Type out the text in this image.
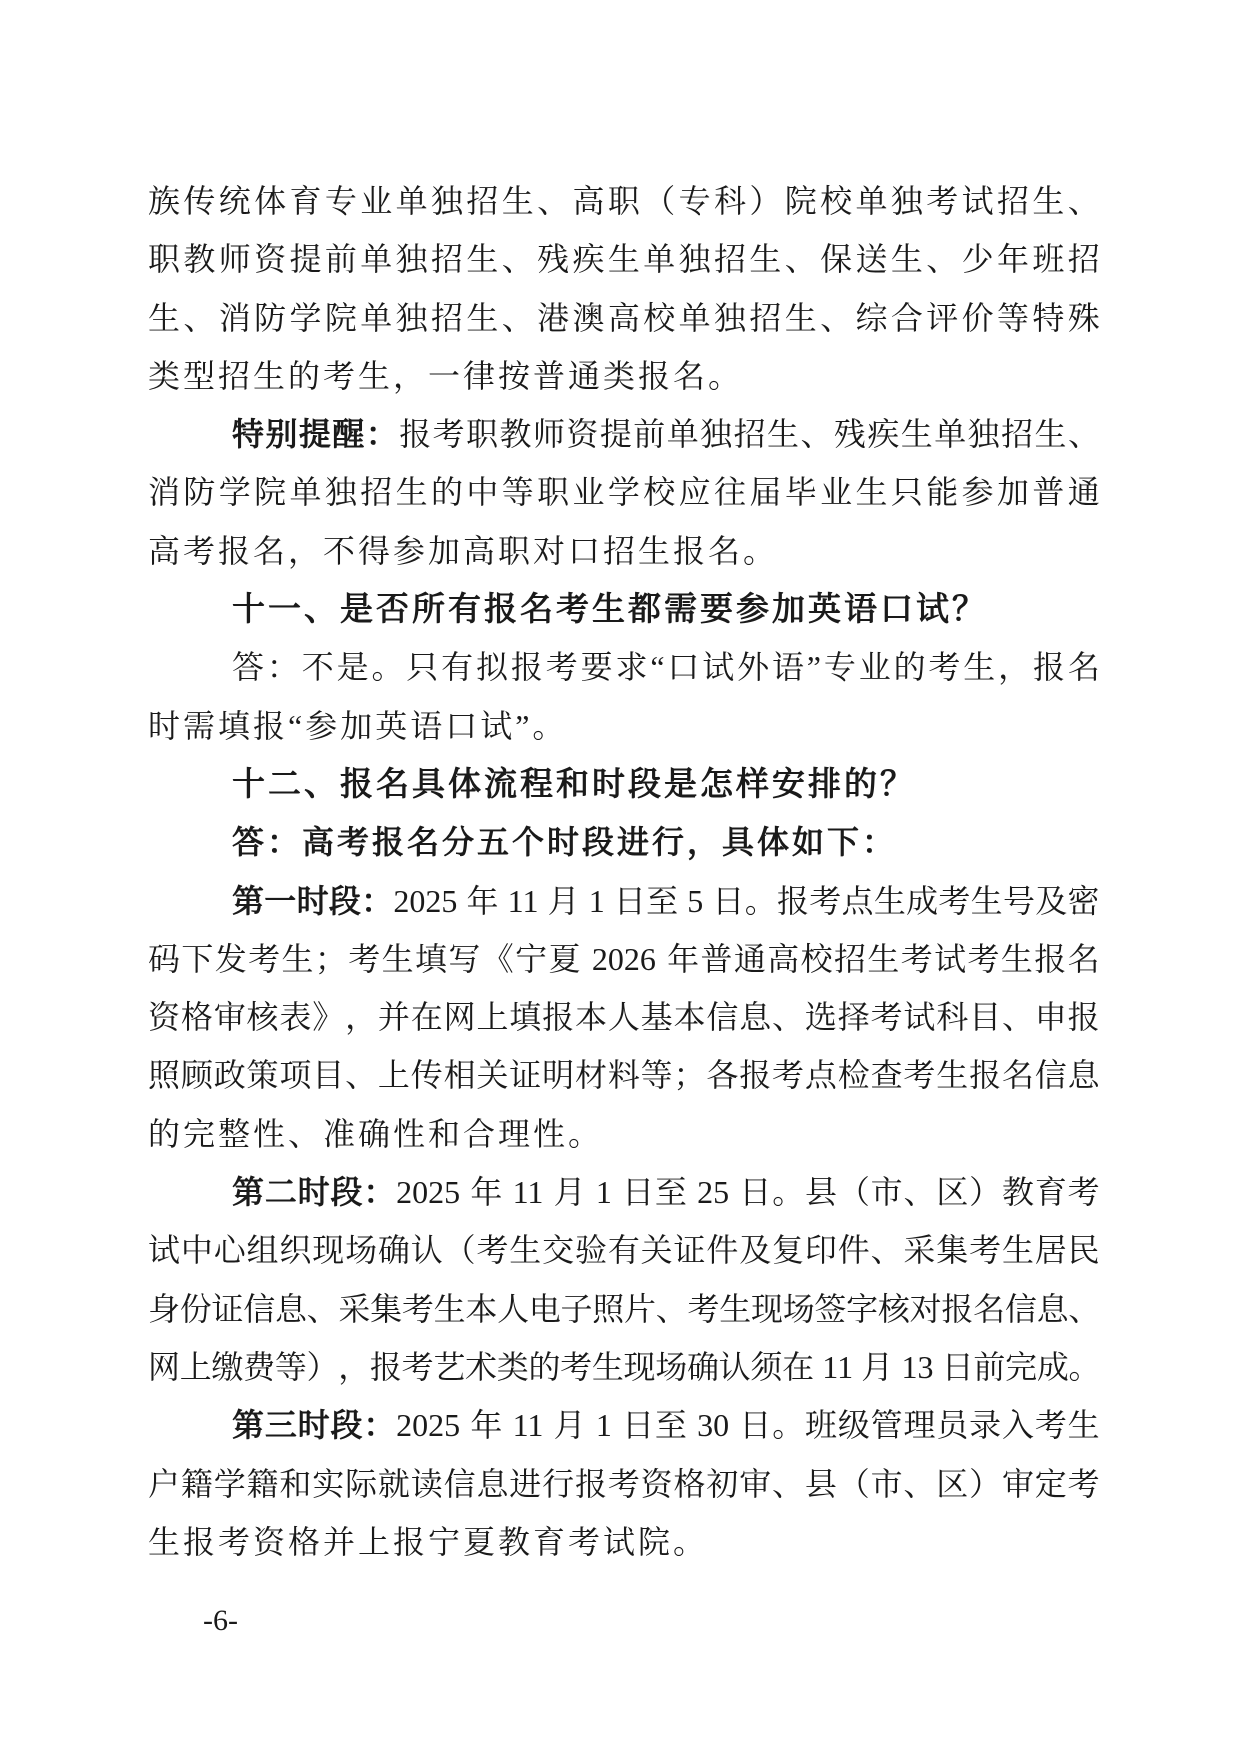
族 传 统 体 育 专 业 单 独 招 生 、 高 职 （ 专 科 ） 院 校 单 独 考 试 招 生 、
职 教 师 资 提 前 单 独 招 生 、 残 疾 生 单 独 招 生 、 保 送 生 、 少 年 班 招
生 、 消 防 学 院 单 独 招 生 、 港 澳 高 校 单 独 招 生 、 综 合 评 价 等 特 殊
类型招生的考生，一律按普通类报名。
特 别 提 醒 ： 报 考 职 教 师 资 提 前 单 独 招 生 、 残 疾 生 单 独 招 生 、
消 防 学 院 单 独 招 生 的 中 等 职 业 学 校 应 往 届 毕 业 生 只 能 参 加 普 通
高考报名，不得参加高职对口招生报名。
十一、是否所有报名考生都需要参加英语口试？
答 ： 不 是 。 只 有 拟 报 考 要 求 “ 口 试 外 语 ” 专 业 的 考 生 ， 报 名
时需填报“参加英语口试”。
十二、报名具体流程和时段是怎样安排的？
答：高考报名分五个时段进行，具体如下：
第 一 时 段 ： 2025
年
11
月
1
日 至
5
日 。 报 考 点 生 成 考 生 号 及 密
码 下 发 考 生 ； 考 生 填 写 《 宁 夏
2026
年 普 通 高 校 招 生 考 试 考 生 报 名
资 格 审 核 表 》 ， 并 在 网 上 填 报 本 人 基 本 信 息 、 选 择 考 试 科 目 、 申 报
照 顾 政 策 项 目 、 上 传 相 关 证 明 材 料 等 ； 各 报 考 点 检 查 考 生 报 名 信 息
的完整性、准确性和合理性。
第 二 时 段 ： 2025
年
11
月
1
日 至
25
日 。 县 （ 市 、 区 ） 教 育 考
试 中 心 组 织 现 场 确 认 （ 考 生 交 验 有 关 证 件 及 复 印 件 、 采 集 考 生 居 民
身 份 证 信 息 、 采 集 考 生 本 人 电 子 照 片 、 考 生 现 场 签 字 核 对 报 名 信 息 、
网 上 缴 费 等 ） ， 报 考 艺 术 类 的 考 生 现 场 确 认 须 在
11
月
13
日 前 完 成 。
第 三 时 段 ： 2025
年
11
月
1
日 至
30
日 。 班 级 管 理 员 录 入 考 生
户 籍 学 籍 和 实 际 就 读 信 息 进 行 报 考 资 格 初 审 、 县 （ 市 、 区 ） 审 定 考
生报考资格并上报宁夏教育考试院。
-6-
